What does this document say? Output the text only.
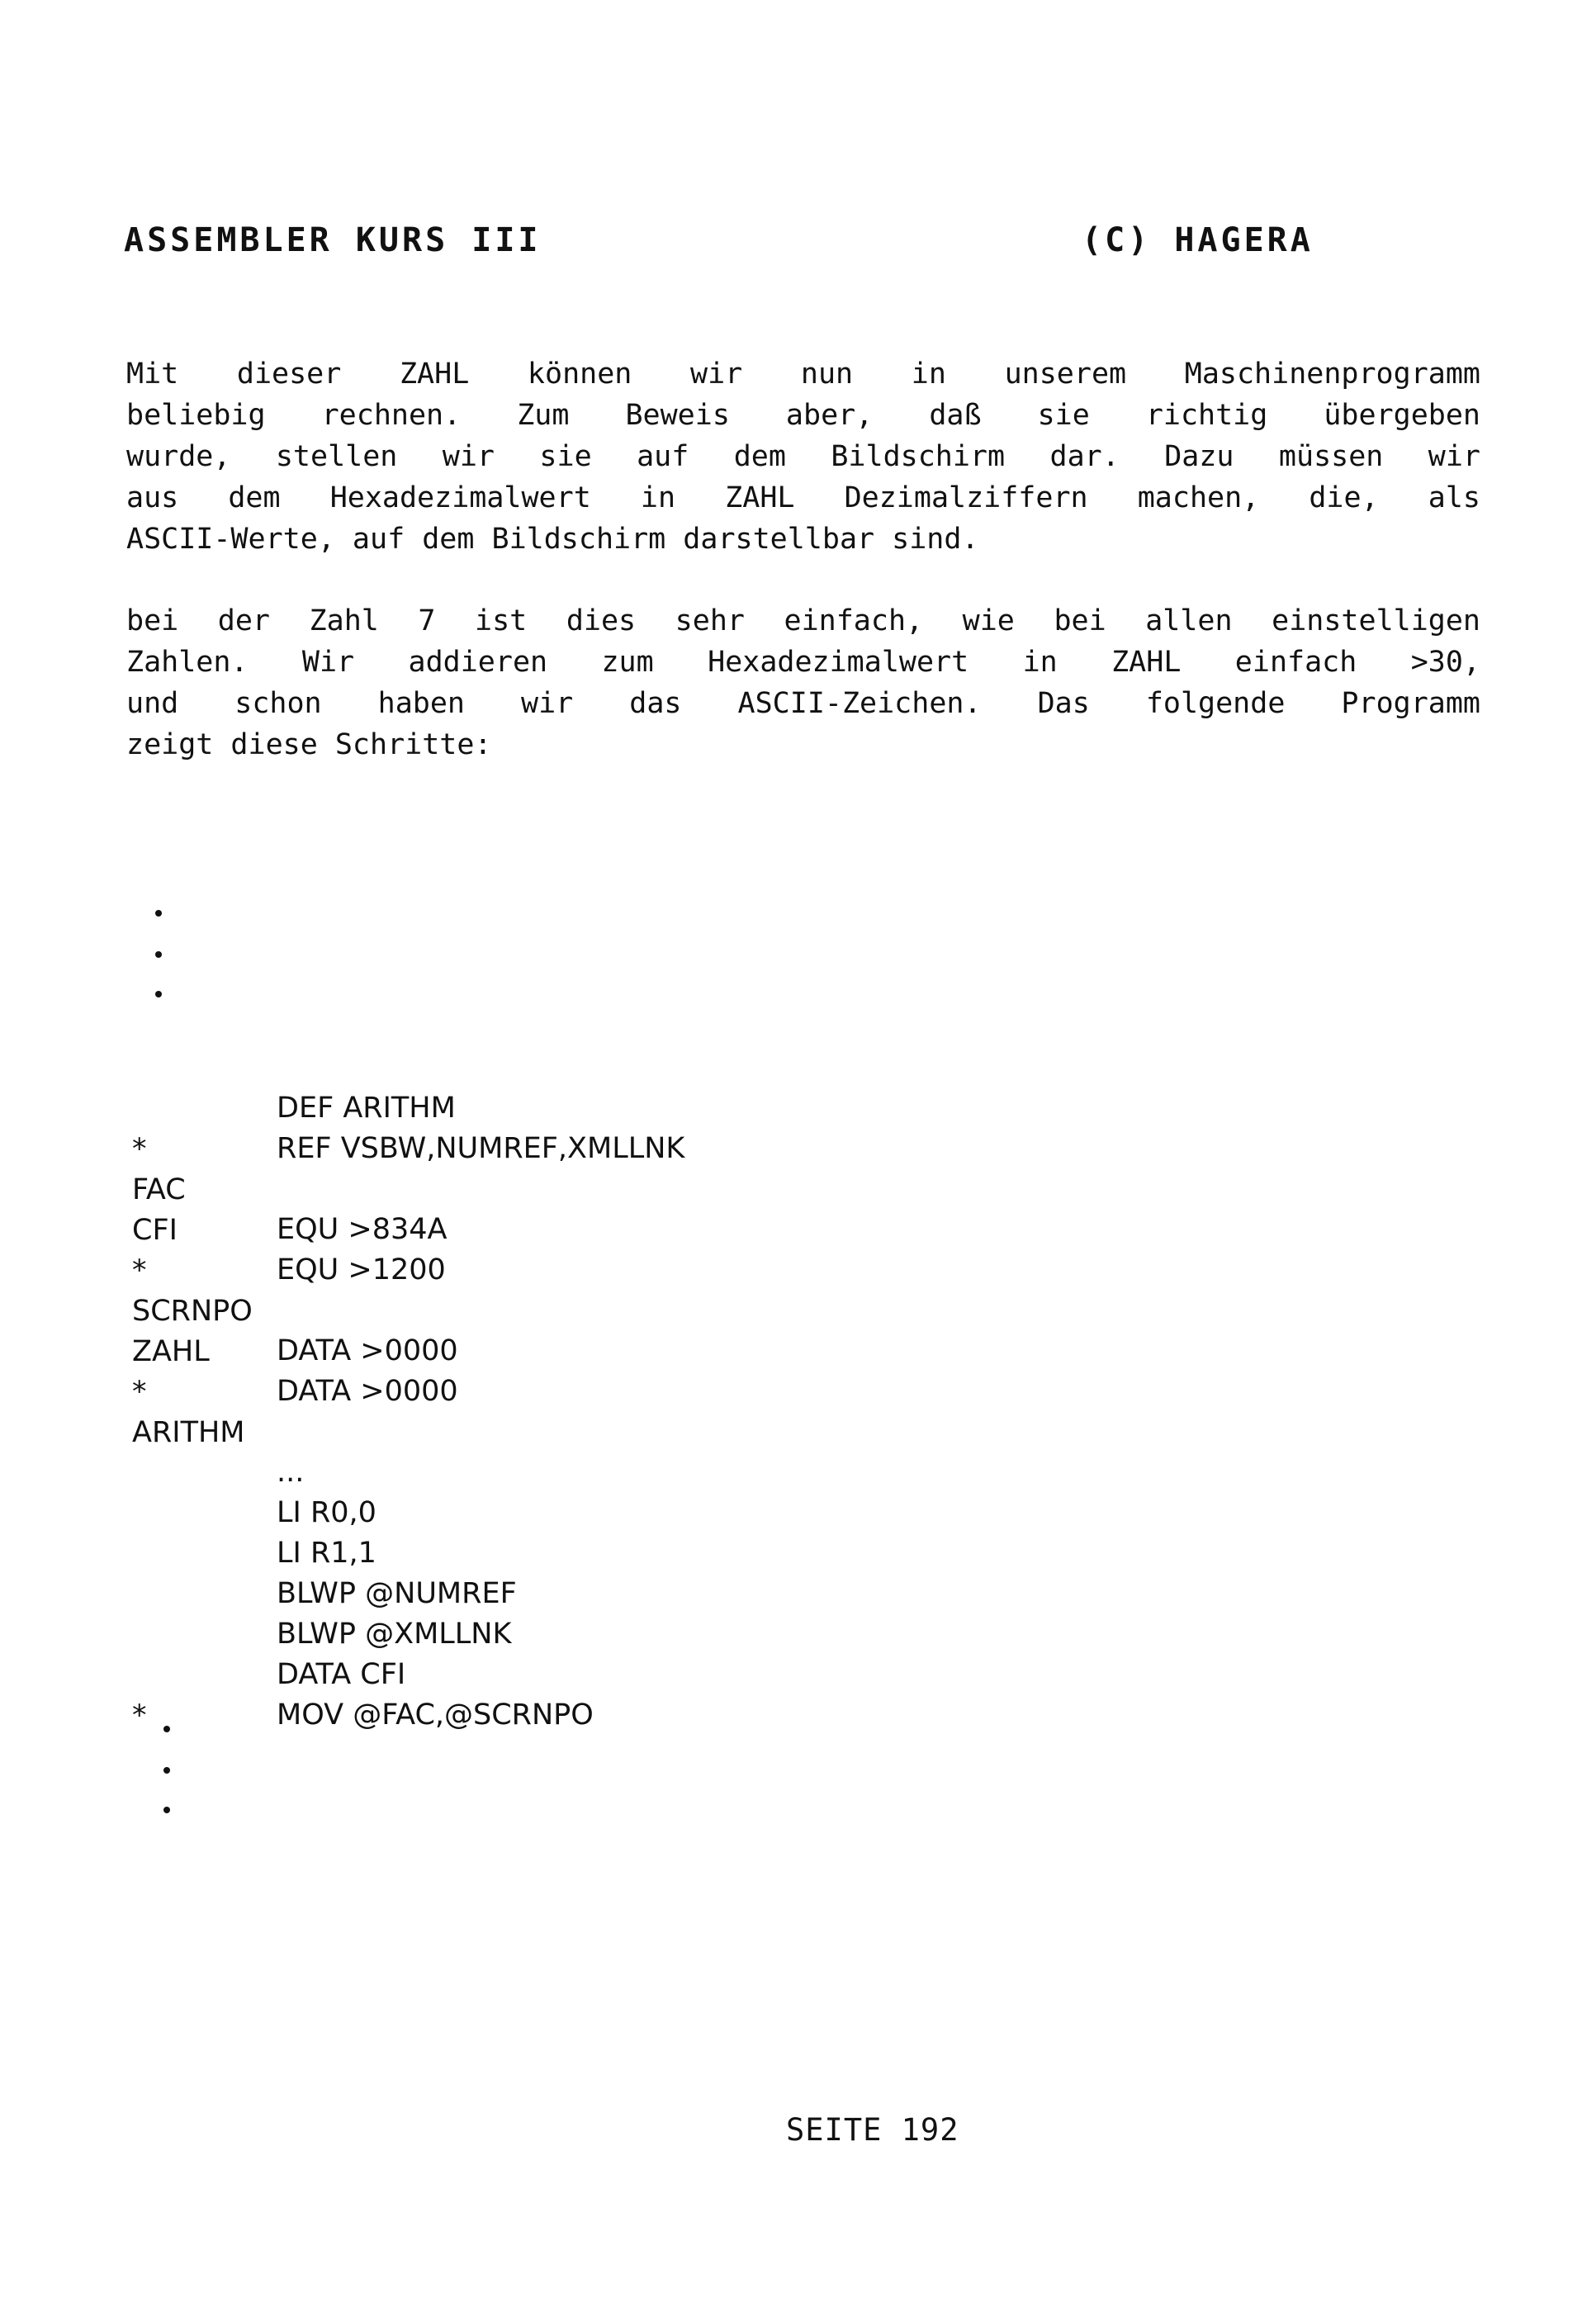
ASSEMBLER KURS III	(C) HAGERA
Mit dieser ZAHL können wir nun in unserem Maschinenprogramm
beliebig rechnen. Zum Beweis aber, daß sie richtig übergeben
wurde, stellen wir sie auf dem Bildschirm dar. Dazu müssen wir
aus dem Hexadezimalwert in ZAHL Dezimalziffern machen, die, als
ASCII-Werte, auf dem Bildschirm darstellbar sind.
bei der Zahl 7 ist dies sehr einfach, wie bei allen einstelligen
Zahlen. Wir addieren zum Hexadezimalwert in ZAHL einfach >30,
und schon haben wir das ASCII-Zeichen. Das folgende Programm
zeigt diese Schritte:

DEF ARITHM

REF VSBW,NUMREF,XMLLNK

*

FAC

EQU >834A

CFI

EQU >1200

*

SCRNPO

DATA >0000

ZAHL

DATA >0000

*

ARITHM

...

LI R0,0

LI R1,1

BLWP @NUMREF

BLWP @XMLLNK

DATA CFI

MOV @FAC,@SCRNPO

*

SEITE 192
